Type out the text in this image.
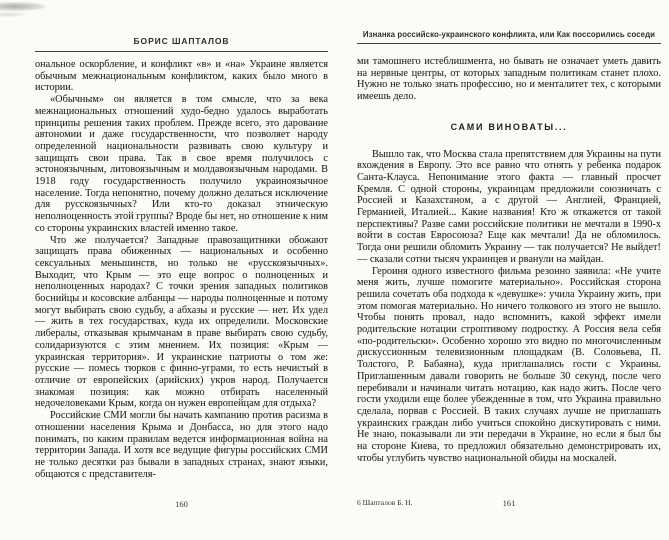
БОРИС ШАПТАЛОВ

ональное оскорбление, и конфликт «в» и «на» Украине является обычным межнациональным конфликтом, каких было много в истории.

«Обычным» он является в том смысле, что за века межнациональных отношений худо-бедно удалось выработать принципы решения таких проблем. Прежде всего, это дарование автономии и даже государственности, что позволяет народу определенной национальности развивать свою культуру и защищать свои права. Так в свое время получилось с эстоноязычным, литовоязычным и молдавоязычным народами. В 1918 году государственность получило украиноязычное население. Тогда непонятно, почему должно делаться исключение для русскоязычных? Или кто-то доказал этническую неполноценность этой группы? Вроде бы нет, но отношение к ним со стороны украинских властей именно такое.

Что же получается? Западные правозащитники обожают защищать права обиженных — национальных и особенно сексуальных меньшинств, но только не «русскоязычных». Выходит, что Крым — это еще вопрос о полноценных и неполноценных народах? С точки зрения западных политиков боснийцы и косовские албанцы — народы полноценные и потому могут выбирать свою судьбу, а абхазы и русские — нет. Их удел — жить в тех государствах, куда их определили. Московские либералы, отказывая крымчанам в праве выбирать свою судьбу, солидаризуются с этим мнением. Их позиция: «Крым — украинская территория». И украинские патриоты о том же: русские — помесь тюрков с финно-уграми, то есть нечистый в отличие от европейских (арийских) укров народ. Получается знакомая позиция: как можно отбирать населенный недочеловеками Крым, когда он нужен европейцам для отдыха?

Российские СМИ могли бы начать кампанию против расизма в отношении населения Крыма и Донбасса, но для этого надо понимать, по каким правилам ведется информационная война на территории Запада. И хотя все ведущие фигуры российских СМИ не только десятки раз бывали в западных странах, знают языки, общаются с представителя-

Изнанка российско-украинского конфликта, или Как поссорились соседи

ми тамошнего истеблишмента, но бывать не означает уметь давить на нервные центры, от которых западным политикам станет плохо. Нужно не только знать профессию, но и менталитет тех, с которыми имеешь дело.

САМИ ВИНОВАТЫ...

Вышло так, что Москва стала препятствием для Украины на пути вхождения в Европу. Это все равно что отнять у ребенка подарок Санта-Клауса. Непонимание этого факта — главный просчет Кремля. С одной стороны, украинцам предложили союзничать с Россией и Казахстаном, а с другой — Англией, Францией, Германией, Италией... Какие названия! Кто ж откажется от такой перспективы? Разве сами российские политики не мечтали в 1990-х войти в состав Евросоюза? Еще как мечтали! Да не обломилось. Тогда они решили обломить Украину — так получается? Не выйдет! — сказали сотни тысяч украинцев и рванули на майдан.

Героиня одного известного фильма резонно заявила: «Не учите меня жить, лучше помогите материально». Российская сторона решила сочетать оба подхода к «девушке»: учила Украину жить, при этом помогая материально. Но ничего толкового из этого не вышло. Чтобы понять провал, надо вспомнить, какой эффект имели родительские нотации строптивому подростку. А Россия вела себя «по-родительски». Особенно хорошо это видно по многочисленным дискуссионным телевизионным площадкам (В. Соловьева, П. Толстого, Р. Бабаяна), куда приглашались гости с Украины. Приглашенным давали говорить не больше 30 секунд, после чего перебивали и начинали читать нотацию, как надо жить. После чего гости уходили еще более убежденные в том, что Украина правильно сделала, порвав с Россией. В таких случаях лучше не приглашать украинских граждан либо учиться спокойно дискутировать с ними. Не знаю, показывали ли эти передачи в Украине, но если я был бы на стороне Киева, то предложил обязательно демонстрировать их, чтобы углубить чувство национальной обиды на москалей.

160	6 Шапталов Б. Н.	161
